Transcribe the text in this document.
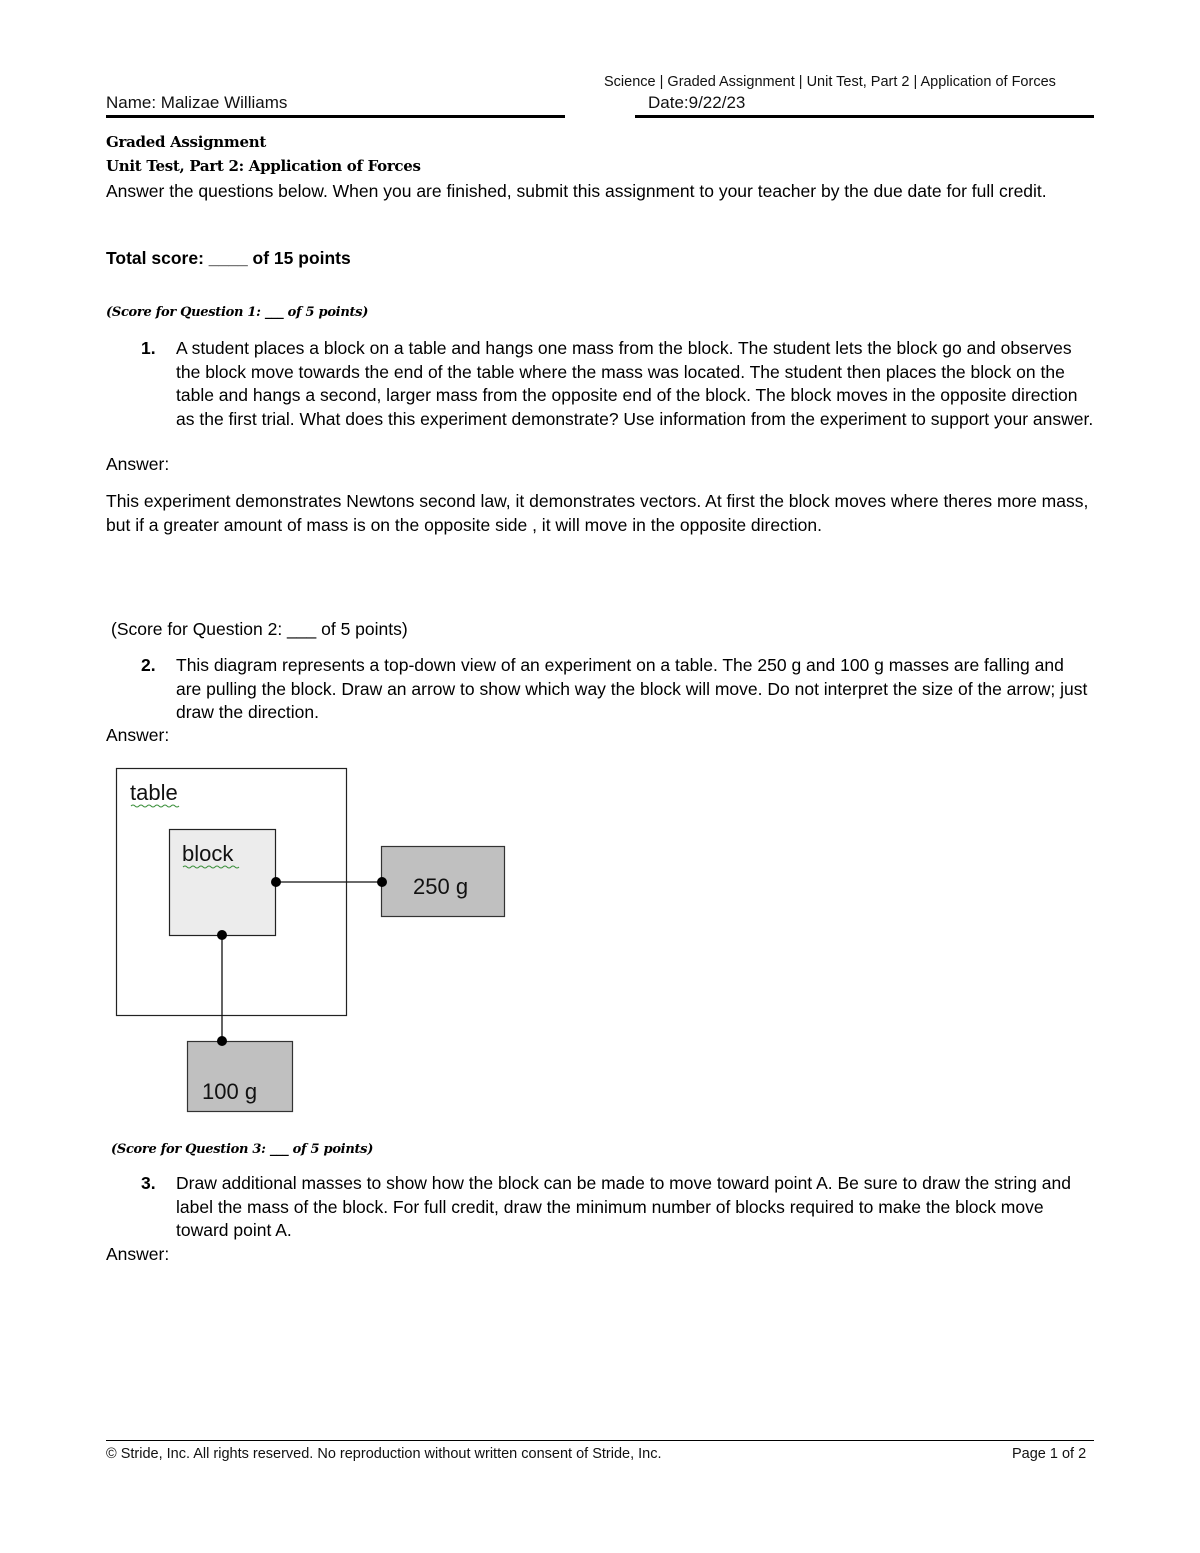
Science | Graded Assignment | Unit Test, Part 2 | Application of Forces
Name: Malizae Williams	Date:9/22/23
Graded Assignment
Unit Test, Part 2: Application of Forces
Answer the questions below. When you are finished, submit this assignment to your teacher by the due date for full credit.
Total score: ____ of 15 points
(Score for Question 1: ___ of 5 points)
1. A student places a block on a table and hangs one mass from the block. The student lets the block go and observes the block move towards the end of the table where the mass was located. The student then places the block on the table and hangs a second, larger mass from the opposite end of the block. The block moves in the opposite direction as the first trial. What does this experiment demonstrate? Use information from the experiment to support your answer.
Answer:
This experiment demonstrates Newtons second law, it demonstrates vectors. At first the block moves where theres more mass, but if a greater amount of mass is on the opposite side , it will move in the opposite direction.
(Score for Question 2: ___ of 5 points)
2. This diagram represents a top-down view of an experiment on a table. The 250 g and 100 g masses are falling and are pulling the block. Draw an arrow to show which way the block will move. Do not interpret the size of the arrow; just draw the direction.
Answer:
table
block
250 g
100 g
(Score for Question 3: ___ of 5 points)
3. Draw additional masses to show how the block can be made to move toward point A. Be sure to draw the string and label the mass of the block. For full credit, draw the minimum number of blocks required to make the block move toward point A.
Answer:
© Stride, Inc. All rights reserved. No reproduction without written consent of Stride, Inc.	Page 1 of 2
